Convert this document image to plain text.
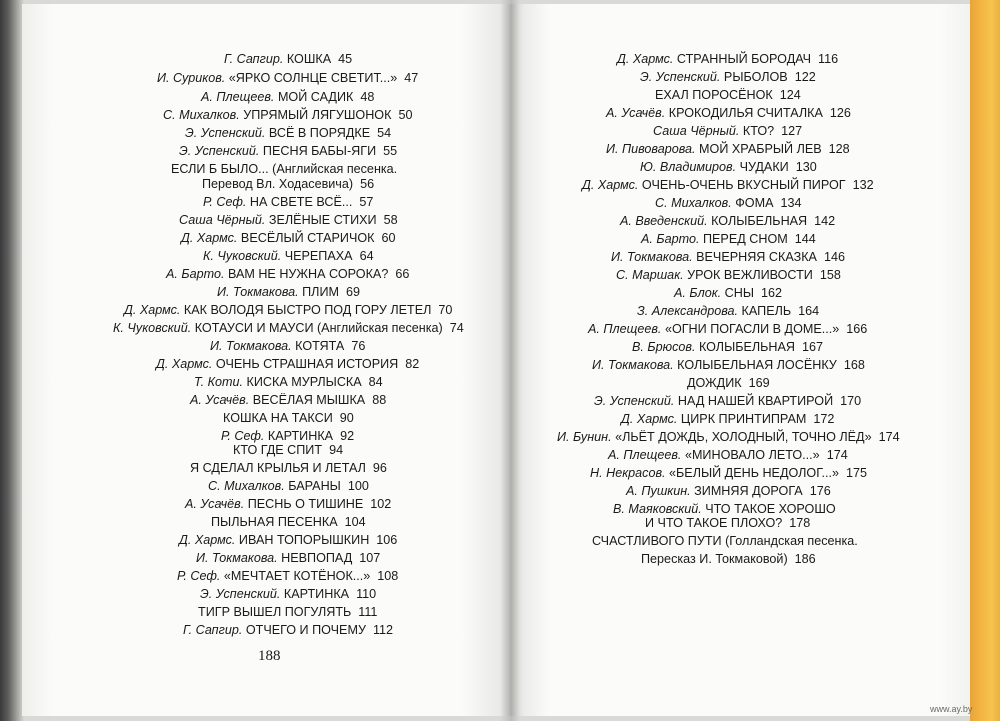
Г. Сапгир. КОШКА 45
И. Суриков. «ЯРКО СОЛНЦЕ СВЕТИТ...» 47
А. Плещеев. МОЙ САДИК 48
С. Михалков. УПРЯМЫЙ ЛЯГУШОНОК 50
Э. Успенский. ВСЁ В ПОРЯДКЕ 54
Э. Успенский. ПЕСНЯ БАБЫ-ЯГИ 55
ЕСЛИ Б БЫЛО... (Английская песенка.
Перевод Вл. Ходасевича) 56
Р. Сеф. НА СВЕТЕ ВСЁ... 57
Саша Чёрный. ЗЕЛЁНЫЕ СТИХИ 58
Д. Хармс. ВЕСЁЛЫЙ СТАРИЧОК 60
К. Чуковский. ЧЕРЕПАХА 64
А. Барто. ВАМ НЕ НУЖНА СОРОКА? 66
И. Токмакова. ПЛИМ 69
Д. Хармс. КАК ВОЛОДЯ БЫСТРО ПОД ГОРУ ЛЕТЕЛ 70
К. Чуковский. КОТАУСИ И МАУСИ (Английская песенка) 74
И. Токмакова. КОТЯТА 76
Д. Хармс. ОЧЕНЬ СТРАШНАЯ ИСТОРИЯ 82
Т. Коти. КИСКА МУРЛЫСКА 84
А. Усачёв. ВЕСЁЛАЯ МЫШКА 88
КОШКА НА ТАКСИ 90
Р. Сеф. КАРТИНКА 92
КТО ГДЕ СПИТ 94
Я СДЕЛАЛ КРЫЛЬЯ И ЛЕТАЛ 96
С. Михалков. БАРАНЫ 100
А. Усачёв. ПЕСНЬ О ТИШИНЕ 102
ПЫЛЬНАЯ ПЕСЕНКА 104
Д. Хармс. ИВАН ТОПОРЫШКИН 106
И. Токмакова. НЕВПОПАД 107
Р. Сеф. «МЕЧТАЕТ КОТЁНОК...» 108
Э. Успенский. КАРТИНКА 110
ТИГР ВЫШЕЛ ПОГУЛЯТЬ 111
Г. Сапгир. ОТЧЕГО И ПОЧЕМУ 112
Д. Хармс. СТРАННЫЙ БОРОДАЧ 116
Э. Успенский. РЫБОЛОВ 122
ЕХАЛ ПОРОСЁНОК 124
А. Усачёв. КРОКОДИЛЬЯ СЧИТАЛКА 126
Саша Чёрный. КТО? 127
И. Пивоварова. МОЙ ХРАБРЫЙ ЛЕВ 128
Ю. Владимиров. ЧУДАКИ 130
Д. Хармс. ОЧЕНЬ-ОЧЕНЬ ВКУСНЫЙ ПИРОГ 132
С. Михалков. ФОМА 134
А. Введенский. КОЛЫБЕЛЬНАЯ 142
А. Барто. ПЕРЕД СНОМ 144
И. Токмакова. ВЕЧЕРНЯЯ СКАЗКА 146
С. Маршак. УРОК ВЕЖЛИВОСТИ 158
А. Блок. СНЫ 162
З. Александрова. КАПЕЛЬ 164
А. Плещеев. «ОГНИ ПОГАСЛИ В ДОМЕ...» 166
В. Брюсов. КОЛЫБЕЛЬНАЯ 167
И. Токмакова. КОЛЫБЕЛЬНАЯ ЛОСЁНКУ 168
ДОЖДИК 169
Э. Успенский. НАД НАШЕЙ КВАРТИРОЙ 170
Д. Хармс. ЦИРК ПРИНТИПРАМ 172
И. Бунин. «ЛЬЁТ ДОЖДЬ, ХОЛОДНЫЙ, ТОЧНО ЛЁД» 174
А. Плещеев. «МИНОВАЛО ЛЕТО...» 174
Н. Некрасов. «БЕЛЫЙ ДЕНЬ НЕДОЛОГ...» 175
А. Пушкин. ЗИМНЯЯ ДОРОГА 176
В. Маяковский. ЧТО ТАКОЕ ХОРОШО
И ЧТО ТАКОЕ ПЛОХО? 178
СЧАСТЛИВОГО ПУТИ (Голландская песенка.
Пересказ И. Токмаковой) 186
188
www.ay.by
